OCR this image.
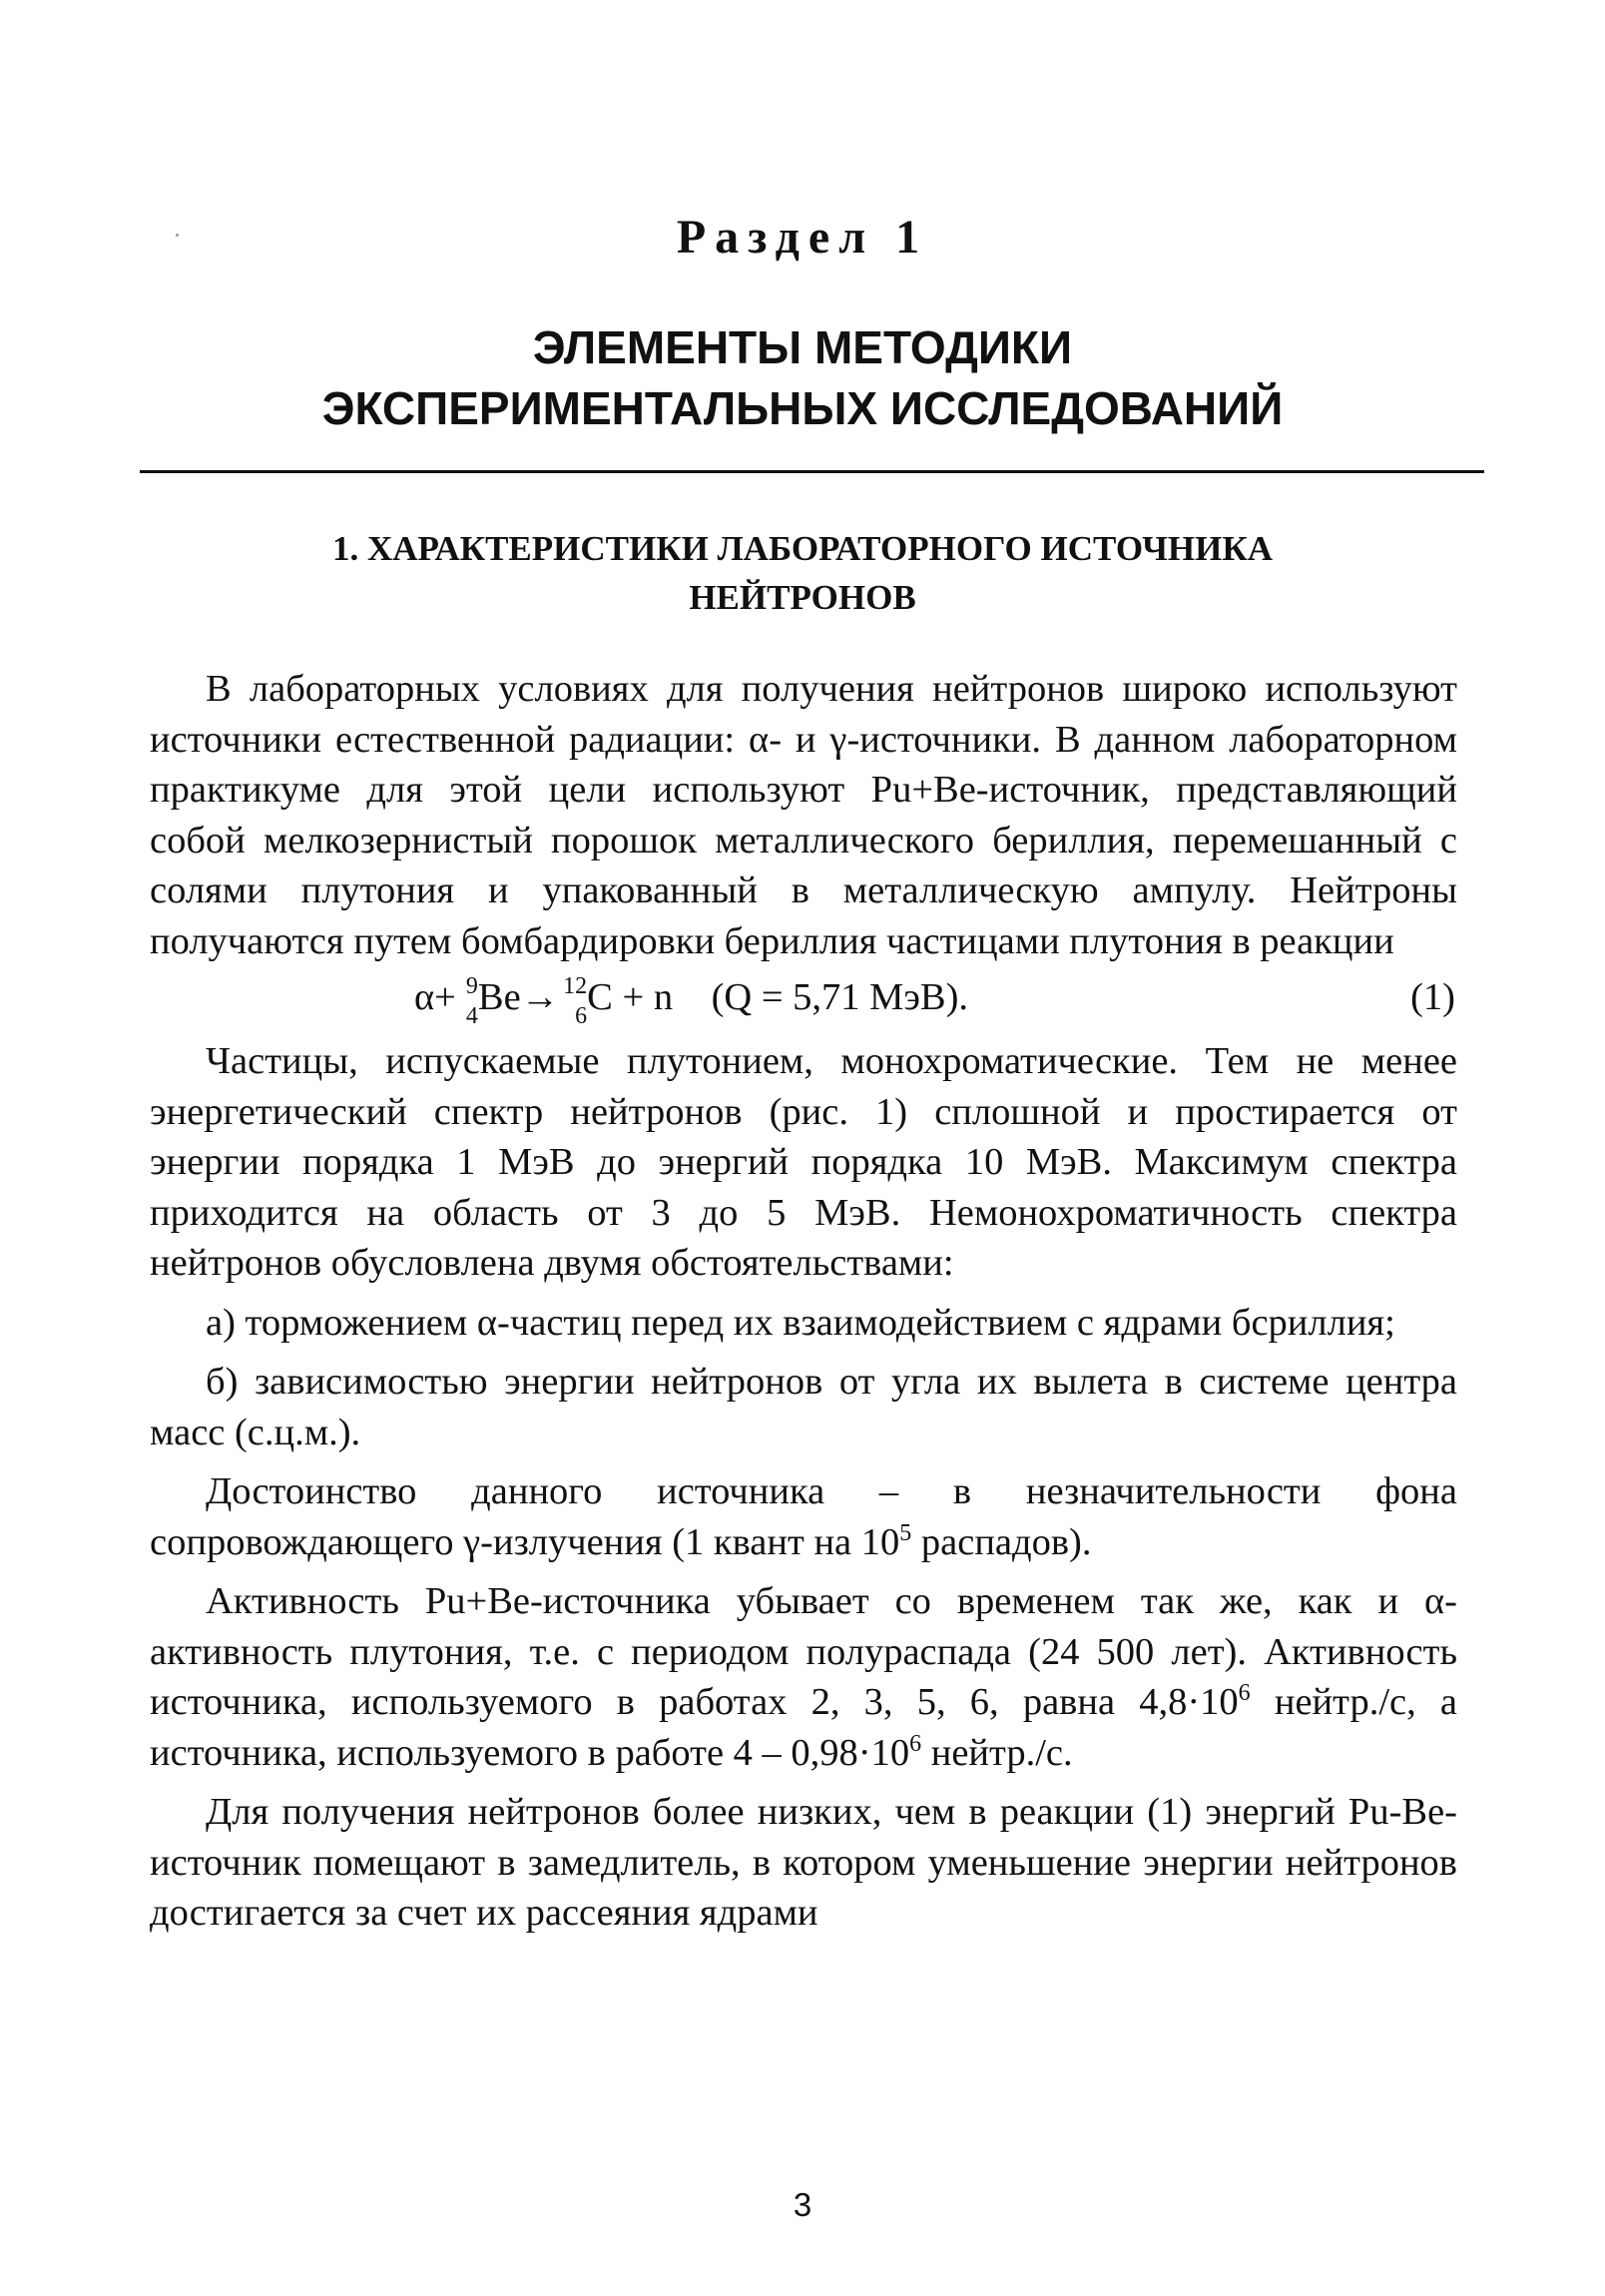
Раздел 1
ЭЛЕМЕНТЫ МЕТОДИКИ
ЭКСПЕРИМЕНТАЛЬНЫХ ИССЛЕДОВАНИЙ
1. ХАРАКТЕРИСТИКИ ЛАБОРАТОРНОГО ИСТОЧНИКА
НЕЙТРОНОВ

В лабораторных условиях для получения нейтронов широко используют источники естественной радиации: α- и γ-источники. В данном лабораторном практикуме для этой цели используют Pu+Be-источник, представляющий собой мелкозернистый порошок металлического бериллия, перемешанный с солями плутония и упакованный в металлическую ампулу. Нейтроны получаются путем бомбардировки бериллия частицами плутония в реакции

α+ 9
4 Be→ 12
6 C + n (Q = 5,71 МэВ).	(1)

Частицы, испускаемые плутонием, монохроматические. Тем не менее энергетический спектр нейтронов (рис. 1) сплошной и простирается от энергии порядка 1 МэВ до энергий порядка 10 МэВ. Максимум спектра приходится на область от 3 до 5 МэВ. Немонохроматичность спектра нейтронов обусловлена двумя обстоятельствами:

а) торможением α-частиц перед их взаимодействием с ядрами бсриллия;

б) зависимостью энергии нейтронов от угла их вылета в системе центра масс (с.ц.м.).

Достоинство данного источника – в незначительности фона сопровождающего γ-излучения (1 квант на $10^5$ распадов).

Активность Pu+Be-источника убывает со временем так же, как и α-активность плутония, т.е. с периодом полураспада (24 500 лет). Активность источника, используемого в работах 2, 3, 5, 6, равна $4,8\cdot 10^6$ нейтр./с, а источника, используемого в работе $4 - 0,98\cdot 10^6$ нейтр./с.

Для получения нейтронов более низких, чем в реакции (1) энергий Pu-Be-источник помещают в замедлитель, в котором уменьшение энергии нейтронов достигается за счет их рассеяния ядрами

3
